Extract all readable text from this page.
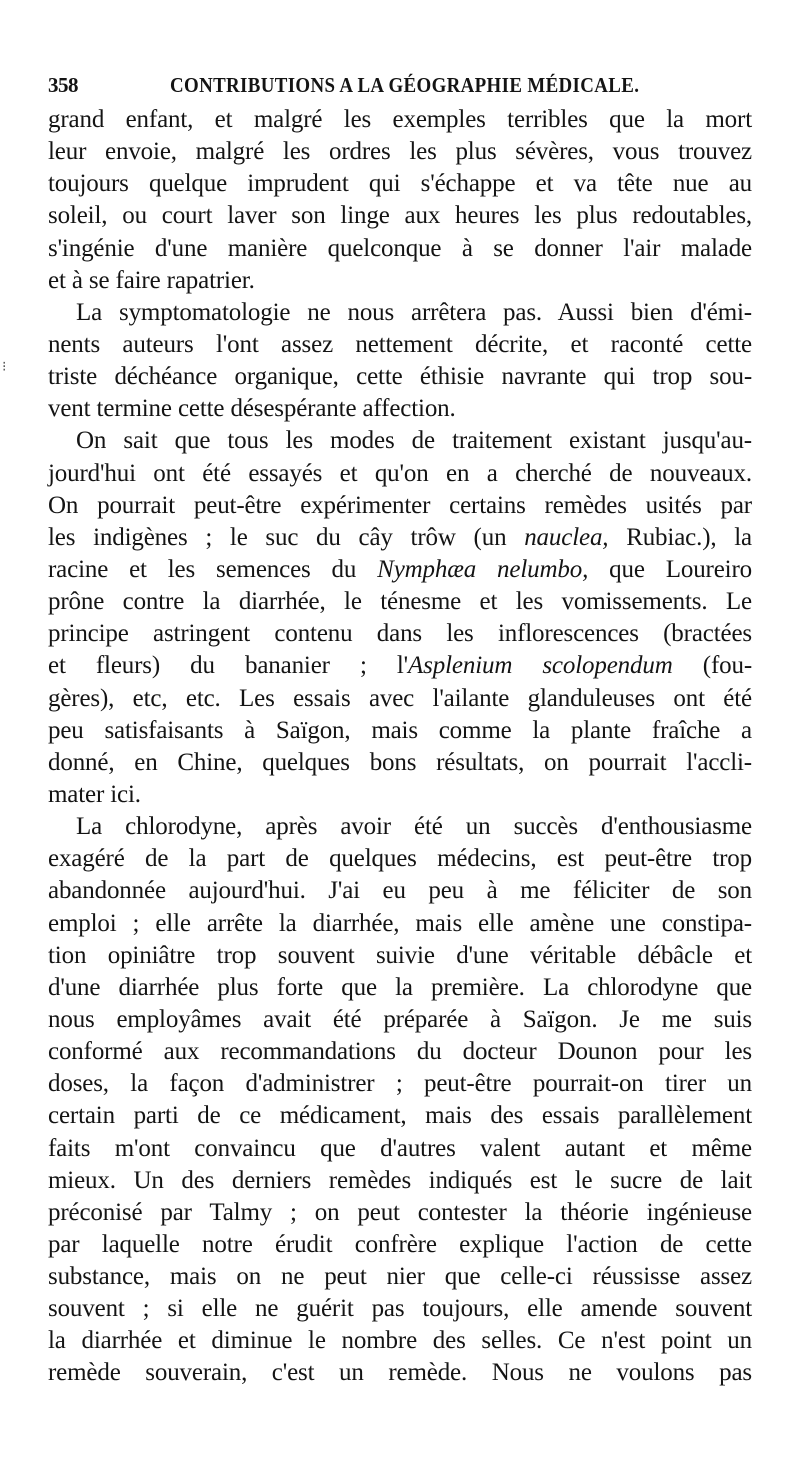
358	CONTRIBUTIONS A LA GÉOGRAPHIE MÉDICALE.
⁝
grand enfant, et malgré les exemples terribles que la mort
leur envoie, malgré les ordres les plus sévères, vous trouvez
toujours quelque imprudent qui s'échappe et va tête nue au
soleil, ou court laver son linge aux heures les plus redoutables,
s'ingénie d'une manière quelconque à se donner l'air malade
et à se faire rapatrier.
La symptomatologie ne nous arrêtera pas. Aussi bien d'émi-
nents auteurs l'ont assez nettement décrite, et raconté cette
triste déchéance organique, cette éthisie navrante qui trop sou-
vent termine cette désespérante affection.
On sait que tous les modes de traitement existant jusqu'au-
jourd'hui ont été essayés et qu'on en a cherché de nouveaux.
On pourrait peut-être expérimenter certains remèdes usités par
les indigènes ; le suc du cây trôw (un nauclea, Rubiac.), la
racine et les semences du Nymphæa nelumbo, que Loureiro
prône contre la diarrhée, le ténesme et les vomissements. Le
principe astringent contenu dans les inflorescences (bractées
et fleurs) du bananier ; l'Asplenium scolopendum (fou-
gères), etc, etc. Les essais avec l'ailante glanduleuses ont été
peu satisfaisants à Saïgon, mais comme la plante fraîche a
donné, en Chine, quelques bons résultats, on pourrait l'accli-
mater ici.
La chlorodyne, après avoir été un succès d'enthousiasme
exagéré de la part de quelques médecins, est peut-être trop
abandonnée aujourd'hui. J'ai eu peu à me féliciter de son
emploi ; elle arrête la diarrhée, mais elle amène une constipa-
tion opiniâtre trop souvent suivie d'une véritable débâcle et
d'une diarrhée plus forte que la première. La chlorodyne que
nous employâmes avait été préparée à Saïgon. Je me suis
conformé aux recommandations du docteur Dounon pour les
doses, la façon d'administrer ; peut-être pourrait-on tirer un
certain parti de ce médicament, mais des essais parallèlement
faits m'ont convaincu que d'autres valent autant et même
mieux. Un des derniers remèdes indiqués est le sucre de lait
préconisé par Talmy ; on peut contester la théorie ingénieuse
par laquelle notre érudit confrère explique l'action de cette
substance, mais on ne peut nier que celle-ci réussisse assez
souvent ; si elle ne guérit pas toujours, elle amende souvent
la diarrhée et diminue le nombre des selles. Ce n'est point un
remède souverain, c'est un remède. Nous ne voulons pas
